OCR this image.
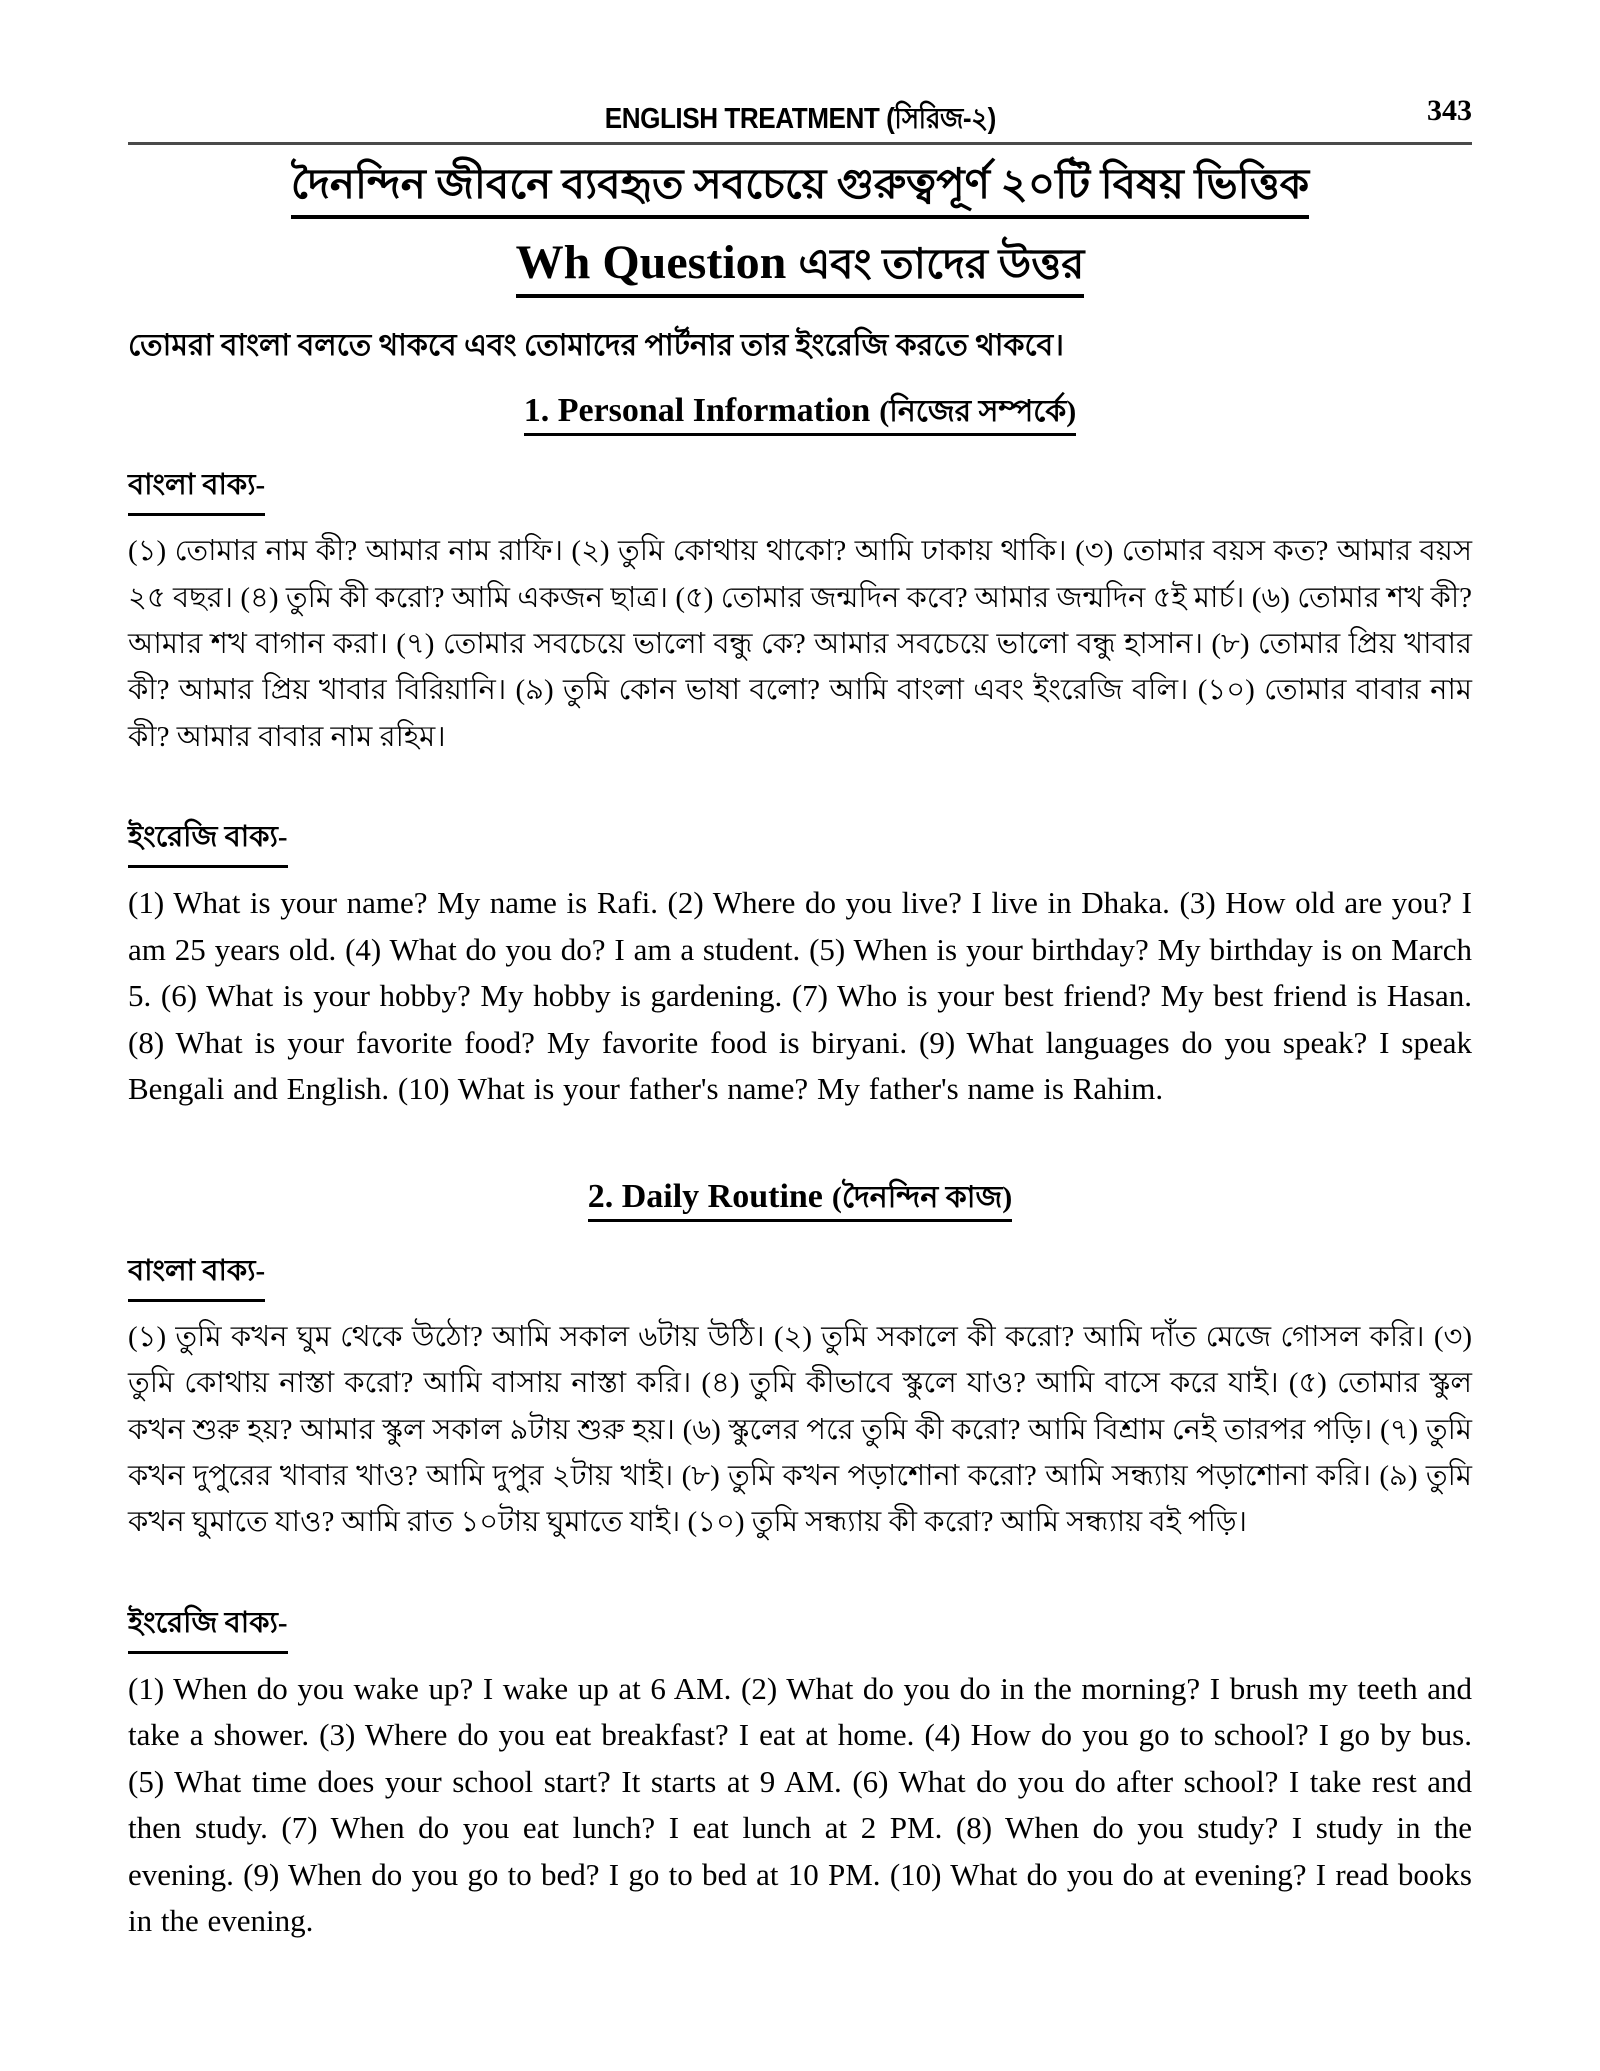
ENGLISH TREATMENT (সিরিজ-২)	343
দৈনন্দিন জীবনে ব্যবহৃত সবচেয়ে গুরুত্বপূর্ণ ২০টি বিষয় ভিত্তিক
Wh Question এবং তাদের উত্তর

তোমরা বাংলা বলতে থাকবে এবং তোমাদের পার্টনার তার ইংরেজি করতে থাকবে।

1. Personal Information (নিজের সম্পর্কে)
বাংলা বাক্য-

(১) তোমার নাম কী? আমার নাম রাফি। (২) তুমি কোথায় থাকো? আমি ঢাকায় থাকি। (৩) তোমার বয়স কত? আমার বয়স ২৫ বছর। (৪) তুমি কী করো? আমি একজন ছাত্র। (৫) তোমার জন্মদিন কবে? আমার জন্মদিন ৫ই মার্চ। (৬) তোমার শখ কী? আমার শখ বাগান করা। (৭) তোমার সবচেয়ে ভালো বন্ধু কে? আমার সবচেয়ে ভালো বন্ধু হাসান। (৮) তোমার প্রিয় খাবার কী? আমার প্রিয় খাবার বিরিয়ানি। (৯) তুমি কোন ভাষা বলো? আমি বাংলা এবং ইংরেজি বলি। (১০) তোমার বাবার নাম কী? আমার বাবার নাম রহিম।

ইংরেজি বাক্য-

(1) What is your name? My name is Rafi. (2) Where do you live? I live in Dhaka. (3) How old are you? I am 25 years old. (4) What do you do? I am a student. (5) When is your birthday? My birthday is on March 5. (6) What is your hobby? My hobby is gardening. (7) Who is your best friend? My best friend is Hasan. (8) What is your favorite food? My favorite food is biryani. (9) What languages do you speak? I speak Bengali and English. (10) What is your father's name? My father's name is Rahim.

2. Daily Routine (দৈনন্দিন কাজ)
বাংলা বাক্য-

(১) তুমি কখন ঘুম থেকে উঠো? আমি সকাল ৬টায় উঠি। (২) তুমি সকালে কী করো? আমি দাঁত মেজে গোসল করি। (৩) তুমি কোথায় নাস্তা করো? আমি বাসায় নাস্তা করি। (৪) তুমি কীভাবে স্কুলে যাও? আমি বাসে করে যাই। (৫) তোমার স্কুল কখন শুরু হয়? আমার স্কুল সকাল ৯টায় শুরু হয়। (৬) স্কুলের পরে তুমি কী করো? আমি বিশ্রাম নেই তারপর পড়ি। (৭) তুমি কখন দুপুরের খাবার খাও? আমি দুপুর ২টায় খাই। (৮) তুমি কখন পড়াশোনা করো? আমি সন্ধ্যায় পড়াশোনা করি। (৯) তুমি কখন ঘুমাতে যাও? আমি রাত ১০টায় ঘুমাতে যাই। (১০) তুমি সন্ধ্যায় কী করো? আমি সন্ধ্যায় বই পড়ি।

ইংরেজি বাক্য-

(1) When do you wake up? I wake up at 6 AM. (2) What do you do in the morning? I brush my teeth and take a shower. (3) Where do you eat breakfast? I eat at home. (4) How do you go to school? I go by bus. (5) What time does your school start? It starts at 9 AM. (6) What do you do after school? I take rest and then study. (7) When do you eat lunch? I eat lunch at 2 PM. (8) When do you study? I study in the evening. (9) When do you go to bed? I go to bed at 10 PM. (10) What do you do at evening? I read books in the evening.
